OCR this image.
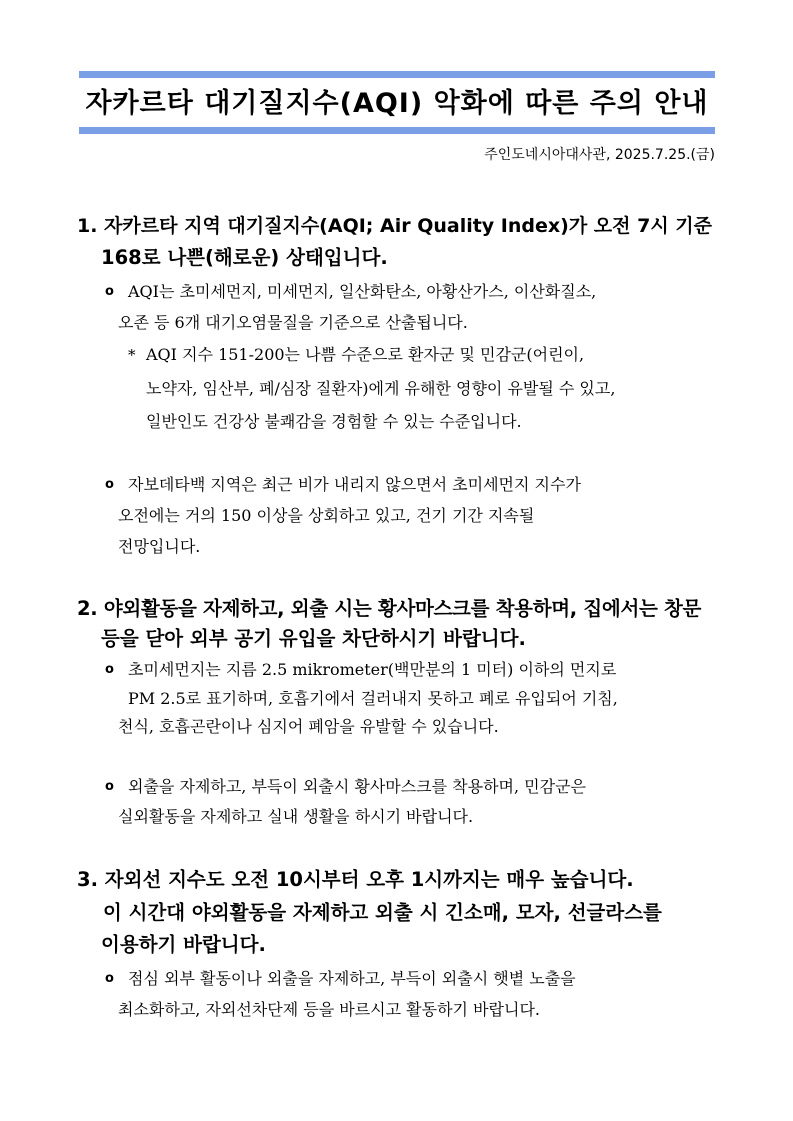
자카르타 대기질지수(AQI) 악화에 따른 주의 안내
주인도네시아대사관, 2025.7.25.(금)
1. 자카르타 지역 대기질지수(AQI; Air Quality Index)가 오전 7시 기준
168로 나쁜(해로운) 상태입니다.
o AQI는 초미세먼지, 미세먼지, 일산화탄소, 아황산가스, 이산화질소,
오존 등 6개 대기오염물질을 기준으로 산출됩니다.
* AQI 지수 151-200는 나쁨 수준으로 환자군 및 민감군(어린이,
노약자, 임산부, 폐/심장 질환자)에게 유해한 영향이 유발될 수 있고,
일반인도 건강상 불쾌감을 경험할 수 있는 수준입니다.
o 자보데타백 지역은 최근 비가 내리지 않으면서 초미세먼지 지수가
오전에는 거의 150 이상을 상회하고 있고, 건기 기간 지속될
전망입니다.
2. 야외활동을 자제하고, 외출 시는 황사마스크를 착용하며, 집에서는 창문
등을 닫아 외부 공기 유입을 차단하시기 바랍니다.
o 초미세먼지는 지름 2.5 mikrometer(백만분의 1 미터) 이하의 먼지로
PM 2.5로 표기하며, 호흡기에서 걸러내지 못하고 폐로 유입되어 기침,
천식, 호흡곤란이나 심지어 폐암을 유발할 수 있습니다.
o 외출을 자제하고, 부득이 외출시 황사마스크를 착용하며, 민감군은
실외활동을 자제하고 실내 생활을 하시기 바랍니다.
3. 자외선 지수도 오전 10시부터 오후 1시까지는 매우 높습니다.
이 시간대 야외활동을 자제하고 외출 시 긴소매, 모자, 선글라스를
이용하기 바랍니다.
o 점심 외부 활동이나 외출을 자제하고, 부득이 외출시 햇볕 노출을
최소화하고, 자외선차단제 등을 바르시고 활동하기 바랍니다.
